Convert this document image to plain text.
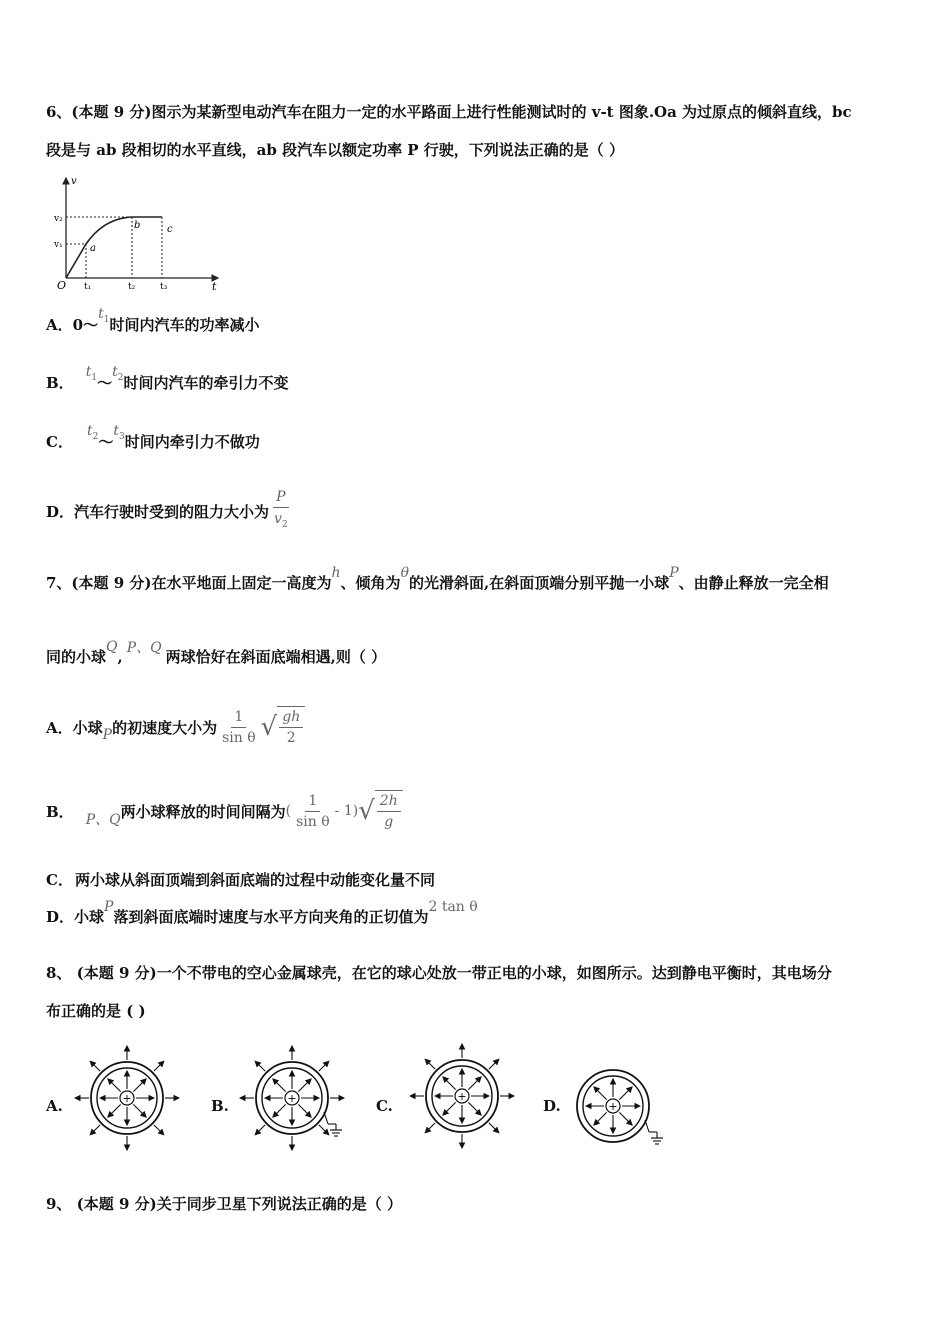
6、(本题 9 分)图示为某新型电动汽车在阻力一定的水平路面上进行性能测试时的 v-t 图象.Oa 为过原点的倾斜直线，bc
段是与 ab 段相切的水平直线，ab 段汽车以额定功率 P 行驶，下列说法正确的是（ ）
v
t
O
v₂
v₁
t₁	t₂	t₃
a
b	c
A． 0～
$t_1$ 时间内汽车的功率减小
B．
$t_1$ ～
$t_2$ 时间内汽车的牵引力不变
C．
$t_2$ ～
$t_3$ 时间内牵引力不做功
D． 汽车行驶时受到的阻力大小为 $\frac{P}{v_2}$
7、(本题 9 分)在水平地面上固定一高度为
h
、倾角为
θ
的光滑斜面,在斜面顶端分别平抛一小球
P
、由静止释放一完全相
同的小球
Q
, P、Q
两球恰好在斜面底端相遇,则（ ）
A． 小球 P 的初速度大小为 $\frac{1}{\text{sin θ}}$ √ $\frac{gh}{2}$
B． P、Q 两小球释放的时间间隔为 ( $\frac{1}{\text{sin θ}} - 1$) √ $\frac{2h}{g}$
C． 两小球从斜面顶端到斜面底端的过程中动能变化量不同
D． 小球
P
落到斜面底端时速度与水平方向夹角的正切值为
2 tan θ
8、 (本题 9 分)一个不带电的空心金属球壳，在它的球心处放一带正电的小球，如图所示。达到静电平衡时，其电场分
布正确的是 ( )
A.	B.	C.	D.
+	+	+
+
9、 (本题 9 分)关于同步卫星下列说法正确的是（ ）
